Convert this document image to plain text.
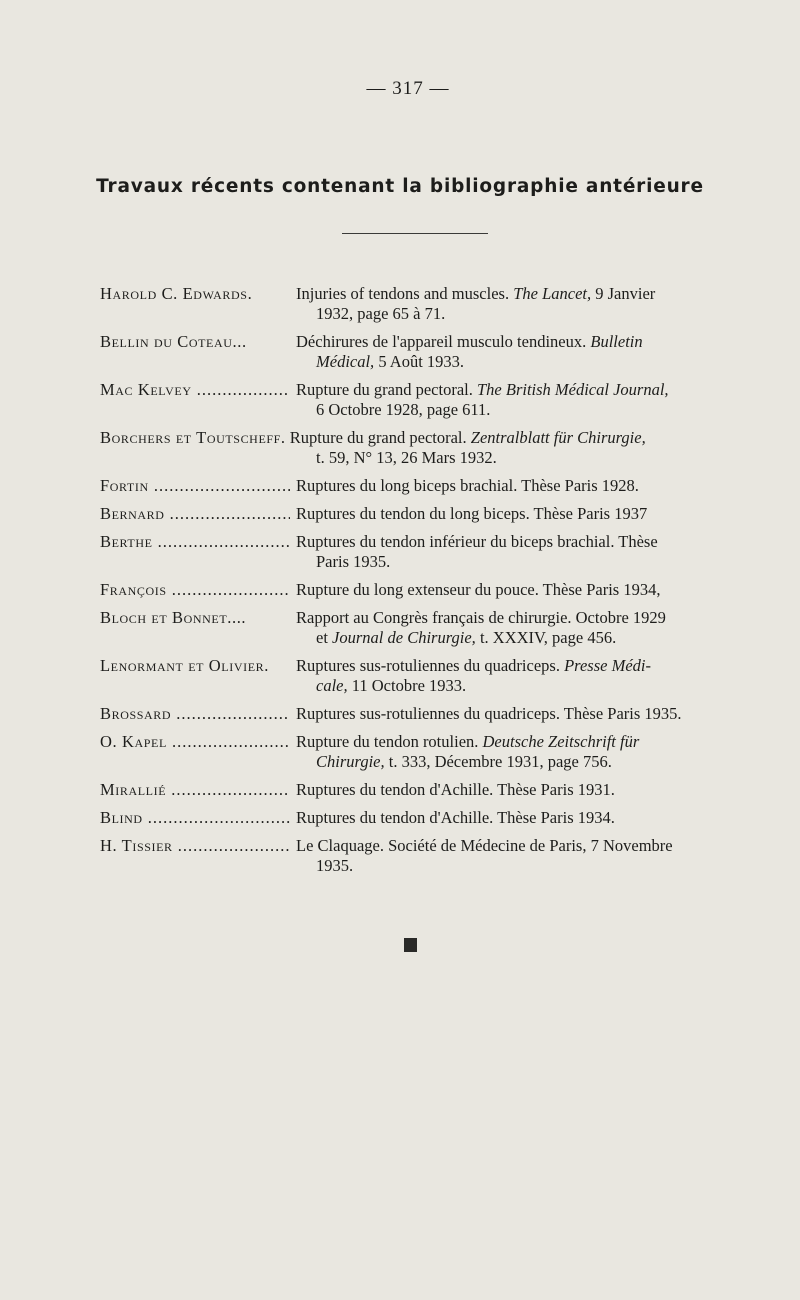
— 317 —
Travaux récents contenant la bibliographie antérieure
Harold C. Edwards.	Injuries of tendons and muscles. The Lancet, 9 Janvier
1932, page 65 à 71.
Bellin du Coteau...	Déchirures de l'appareil musculo tendineux. Bulletin
Médical, 5 Août 1933.
Mac Kelvey .....	Rupture du grand pectoral. The British Médical Journal,
6 Octobre 1928, page 611.
Borchers et Toutscheff. Rupture du grand pectoral. Zentralblatt für Chirurgie,
t. 59, N° 13, 26 Mars 1932.
Fortin .....	Ruptures du long biceps brachial. Thèse Paris 1928.
Bernard .....	Ruptures du tendon du long biceps. Thèse Paris 1937
Berthe .....	Ruptures du tendon inférieur du biceps brachial. Thèse
Paris 1935.
François .....	Rupture du long extenseur du pouce. Thèse Paris 1934,
Bloch et Bonnet....	Rapport au Congrès français de chirurgie. Octobre 1929
et Journal de Chirurgie, t. XXXIV, page 456.
Lenormant et Olivier.	Ruptures sus-rotuliennes du quadriceps. Presse Médi-
cale, 11 Octobre 1933.
Brossard .....	Ruptures sus-rotuliennes du quadriceps. Thèse Paris 1935.
O. Kapel .....	Rupture du tendon rotulien. Deutsche Zeitschrift für
Chirurgie, t. 333, Décembre 1931, page 756.
Mirallié .....	Ruptures du tendon d'Achille. Thèse Paris 1931.
Blind .....	Ruptures du tendon d'Achille. Thèse Paris 1934.
H. Tissier .....	Le Claquage. Société de Médecine de Paris, 7 Novembre
1935.
